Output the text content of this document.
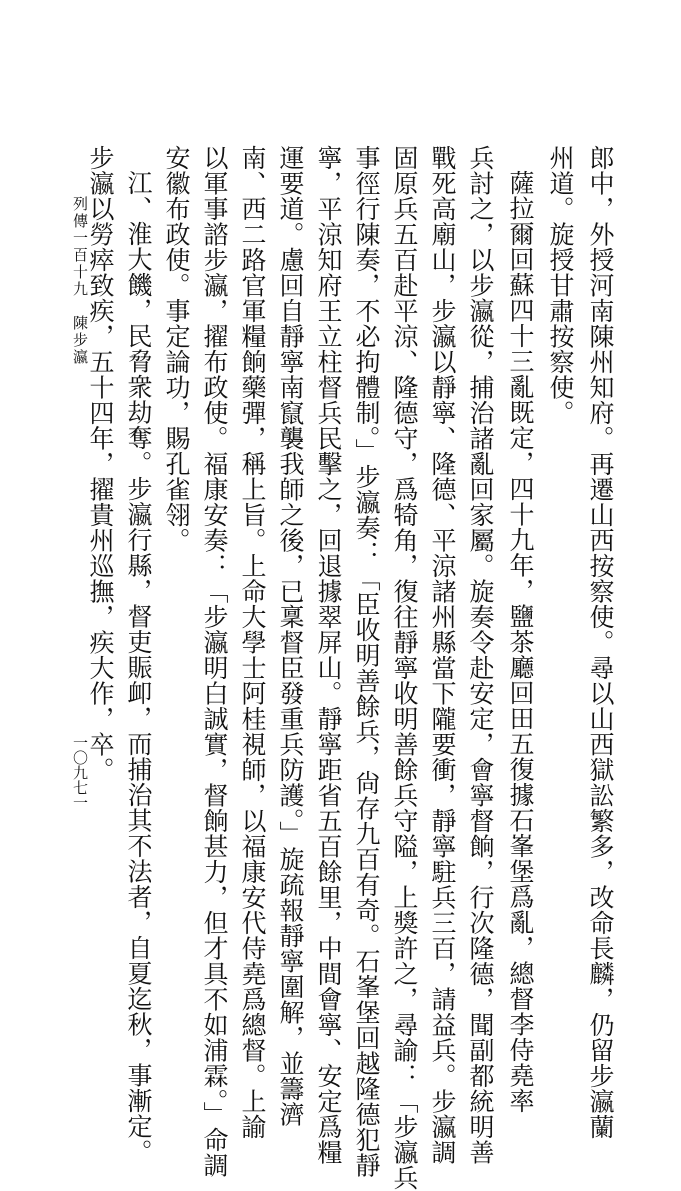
列傳一百十九　陳步瀛
一〇九七一	郎中，外授河南陳州知府。再遷山西按察使。尋以山西獄訟繁多，改命長麟，仍留步瀛蘭
州道。旋授甘肅按察使。
薩拉爾回蘇四十三亂既定，四十九年，鹽茶廳回田五復據石峯堡爲亂，總督李侍堯率
兵討之，以步瀛從，捕治諸亂回家屬。旋奏令赴安定，會寧督餉，行次隆德，聞副都統明善
戰死高廟山，步瀛以靜寧、隆德、平涼諸州縣當下隴要衝，靜寧駐兵三百，請益兵。步瀛調
固原兵五百赴平涼、隆德守，爲犄角，復往靜寧收明善餘兵守隘，上獎許之，尋諭：「步瀛兵
事徑行陳奏，不必拘體制。」步瀛奏：「臣收明善餘兵，尙存九百有奇。石峯堡回越隆德犯靜
寧，平涼知府王立柱督兵民擊之，回退據翠屏山。靜寧距省五百餘里，中間會寧、安定爲糧
運要道。慮回自靜寧南竄襲我師之後，已稟督臣發重兵防護。」旋疏報靜寧圍解，並籌濟
南、西二路官軍糧餉藥彈，稱上旨。上命大學士阿桂視師，以福康安代侍堯爲總督。上諭
以軍事諮步瀛，擢布政使。福康安奏：「步瀛明白誠實，督餉甚力，但才具不如浦霖。」命調
安徽布政使。事定論功，賜孔雀翎。
江、淮大饑，民脅衆劫奪。步瀛行縣，督吏賑卹，而捕治其不法者，自夏迄秋，事漸定。
步瀛以勞瘁致疾，五十四年，擢貴州巡撫，疾大作，卒。
